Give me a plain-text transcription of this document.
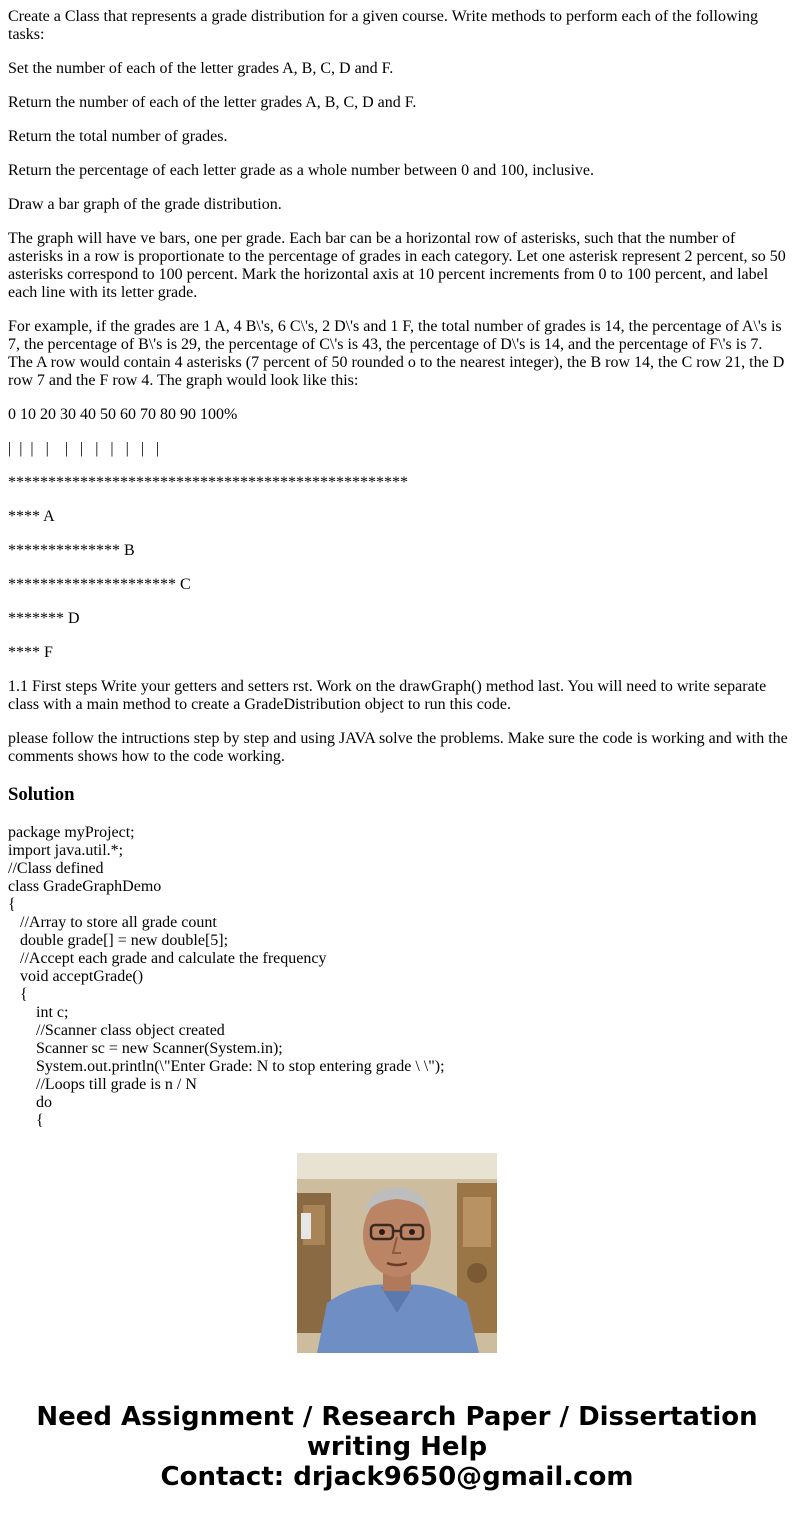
Create a Class that represents a grade distribution for a given course. Write methods to perform each of the following tasks:

Set the number of each of the letter grades A, B, C, D and F.

Return the number of each of the letter grades A, B, C, D and F.

Return the total number of grades.

Return the percentage of each letter grade as a whole number between 0 and 100, inclusive.

Draw a bar graph of the grade distribution.

The graph will have ve bars, one per grade. Each bar can be a horizontal row of asterisks, such that the number of asterisks in a row is proportionate to the percentage of grades in each category. Let one asterisk represent 2 percent, so 50 asterisks correspond to 100 percent. Mark the horizontal axis at 10 percent increments from 0 to 100 percent, and label each line with its letter grade.

For example, if the grades are 1 A, 4 B\'s, 6 C\'s, 2 D\'s and 1 F, the total number of grades is 14, the percentage of A\'s is 7, the percentage of B\'s is 29, the percentage of C\'s is 43, the percentage of D\'s is 14, and the percentage of F\'s is 7. The A row would contain 4 asterisks (7 percent of 50 rounded o to the nearest integer), the B row 14, the C row 21, the D row 7 and the F row 4. The graph would look like this:

0 10 20 30 40 50 60 70 80 90 100%

|  |  |   |    |   |   |   |   |   |   |

**************************************************

**** A

************** B

********************* C

******* D

**** F

1.1 First steps Write your getters and setters rst. Work on the drawGraph() method last. You will need to write separate class with a main method to create a GradeDistribution object to run this code.

please follow the intructions step by step and using JAVA solve the problems. Make sure the code is working and with the comments shows how to the code working.

Solution
package myProject;
import java.util.*;
//Class defined
class GradeGraphDemo
{
//Array to store all grade count
double grade[] = new double[5];
//Accept each grade and calculate the frequency
void acceptGrade()
{
int c;
//Scanner class object created
Scanner sc = new Scanner(System.in);
System.out.println(\"Enter Grade: N to stop entering grade \ \");
//Loops till grade is n / N
do
{
Need Assignment / Research Paper / Dissertation
writing Help
Contact: drjack9650@gmail.com
